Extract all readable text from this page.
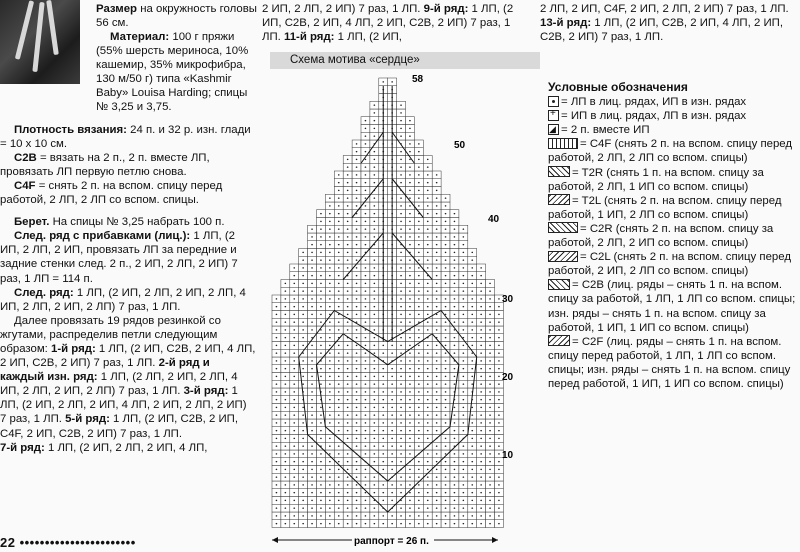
Размер на окружность головы 56 см.

Материал: 100 г пряжи (55% шерсть мериноса, 10% кашемир, 35% микрофибра, 130 м/50 г) типа «Kashmir Baby» Louisa Harding; спицы № 3,25 и 3,75.

Плотность вязания: 24 п. и 32 р. изн. глади = 10 х 10 см.

C2B = вязать на 2 п., 2 п. вместе ЛП, провязать ЛП первую петлю снова.

C4F = снять 2 п. на вспом. спицу перед работой, 2 ЛП, 2 ЛП со вспом. спицы.

Берет. На спицы № 3,25 набрать 100 п.

След. ряд с прибавками (лиц.): 1 ЛП, (2 ИП, 2 ЛП, 2 ИП, провязать ЛП за передние и задние стенки след. 2 п., 2 ИП, 2 ЛП, 2 ИП) 7 раз, 1 ЛП = 114 п.

След. ряд: 1 ЛП, (2 ИП, 2 ЛП, 2 ИП, 2 ЛП, 4 ИП, 2 ЛП, 2 ИП, 2 ЛП) 7 раз, 1 ЛП.

Далее провязать 19 рядов резинкой со жгутами, распределив петли следующим образом: 1-й ряд: 1 ЛП, (2 ИП, С2В, 2 ИП, 4 ЛП, 2 ИП, С2В, 2 ИП) 7 раз, 1 ЛП. 2-й ряд и каждый изн. ряд: 1 ЛП, (2 ЛП, 2 ИП, 2 ЛП, 4 ИП, 2 ЛП, 2 ИП, 2 ЛП) 7 раз, 1 ЛП. 3-й ряд: 1 ЛП, (2 ИП, 2 ЛП, 2 ИП, 4 ЛП, 2 ИП, 2 ЛП, 2 ИП) 7 раз, 1 ЛП. 5-й ряд: 1 ЛП, (2 ИП, С2В, 2 ИП, C4F, 2 ИП, С2В, 2 ИП) 7 раз, 1 ЛП.

7-й ряд: 1 ЛП, (2 ИП, 2 ЛП, 2 ИП, 4 ЛП,

22 •••••••••••••••••••••••

2 ИП, 2 ЛП, 2 ИП) 7 раз, 1 ЛП. 9-й ряд: 1 ЛП, (2 ИП, С2В, 2 ИП, 4 ЛП, 2 ИП, С2В, 2 ИП) 7 раз, 1 ЛП. 11-й ряд: 1 ЛП, (2 ИП,

Схема мотива «сердце»
58
50
40
30
20
10
раппорт = 26 п.

2 ЛП, 2 ИП, C4F, 2 ИП, 2 ЛП, 2 ИП) 7 раз, 1 ЛП. 13-й ряд: 1 ЛП, (2 ИП, С2В, 2 ИП, 4 ЛП, 2 ИП, С2В, 2 ИП) 7 раз, 1 ЛП.

Условные обозначения

= ЛП в лиц. рядах, ИП в изн. рядах

+= ИП в лиц. рядах, ЛП в изн. рядах

◢= 2 п. вместе ИП

= C4F (снять 2 п. на вспом. спицу перед работой, 2 ЛП, 2 ЛП со вспом. спицы)

= T2R (снять 1 п. на вспом. спицу за работой, 2 ЛП, 1 ИП со вспом. спицы)

= T2L (снять 2 п. на вспом. спицу перед работой, 1 ИП, 2 ЛП со вспом. спицы)

= C2R (снять 2 п. на вспом. спицу за работой, 2 ЛП, 2 ИП со вспом. спицы)

= C2L (снять 2 п. на вспом. спицу перед работой, 2 ИП, 2 ЛП со вспом. спицы)

= C2B (лиц. ряды – снять 1 п. на вспом. спицу за работой, 1 ЛП, 1 ЛП со вспом. спицы; изн. ряды – снять 1 п. на вспом. спицу за работой, 1 ИП, 1 ИП со вспом. спицы)

= C2F (лиц. ряды – снять 1 п. на вспом. спицу перед работой, 1 ЛП, 1 ЛП со вспом. спицы; изн. ряды – снять 1 п. на вспом. спицу перед работой, 1 ИП, 1 ИП со вспом. спицы)
